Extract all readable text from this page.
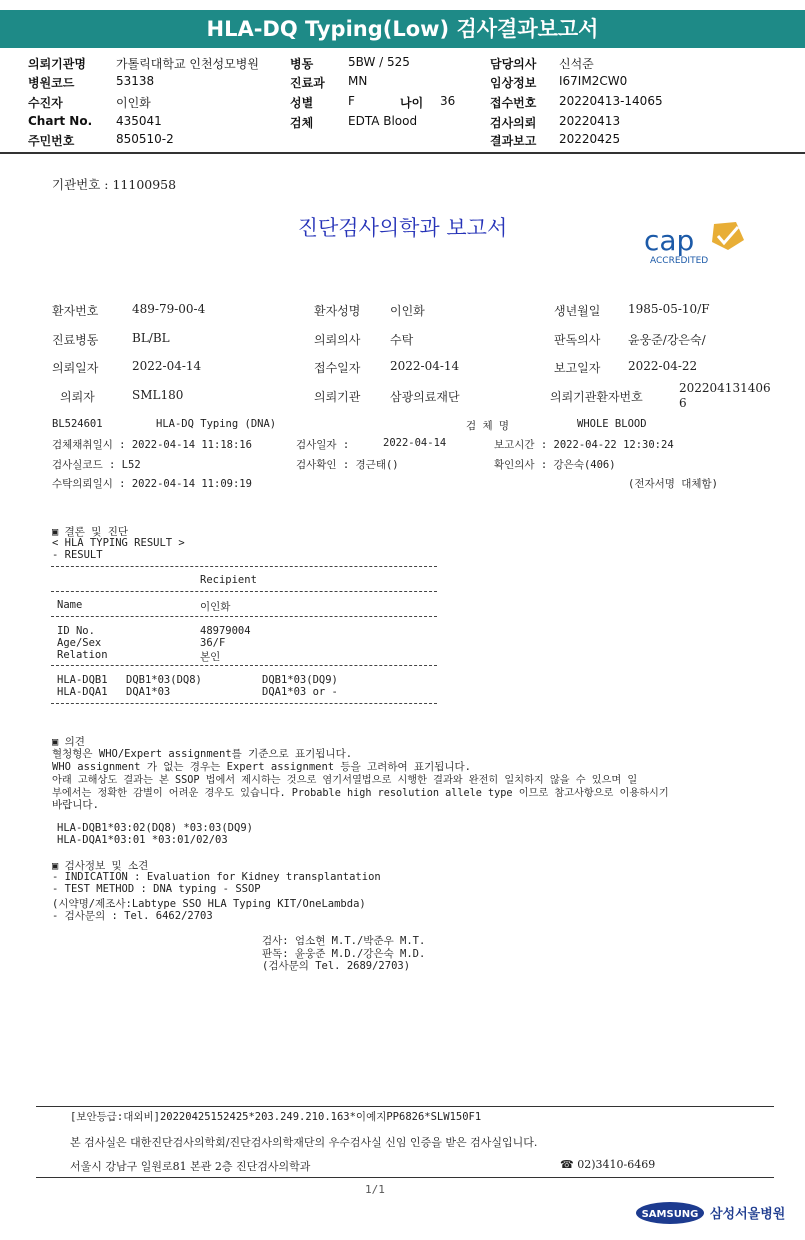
HLA-DQ Typing(Low) 검사결과보고서
의뢰기관명	가톨릭대학교 인천성모병원
병원코드	53138
수진자	이인화
Chart No. 435041
주민번호	850510-2
병동	5BW / 525
진료과 MN
성별	F	나이 36
검체	EDTA Blood
담당의사 신석준
임상정보 I67IM2CW0
접수번호 20220413-14065
검사의뢰 20220413
결과보고 20220425
기관번호 : 11100958
진단검사의학과 보고서	cap
ACCREDITED
환자번호	489-79-00-4	환자성명 이인화	생년월일 1985-05-10/F
진료병동	BL/BL	의뢰의사 수탁	판독의사 윤웅준/강은숙/
의뢰일자	2022-04-14	접수일자 2022-04-14	보고일자 2022-04-22
의뢰자	SML180	의뢰기관 삼광의료재단	의뢰기관환자번호
202204131406
6
BL524601	HLA-DQ Typing (DNA)	검 체 명	WHOLE BLOOD
검체채취일시 : 2022-04-14 11:18:16	검사일자 :	2022-04-14	보고시간 : 2022-04-22 12:30:24
검사실코드 : L52	검사확인 : 경근태()	확인의사 : 강은숙(406)
수탁의뢰일시 : 2022-04-14 11:09:19	(전자서명 대체함)
▣ 결론 및 진단
< HLA TYPING RESULT >
- RESULT
Recipient
Name	이인화
ID No.	48979004
Age/Sex	36/F
Relation	본인
HLA-DQB1 DQB1*03(DQ8)	DQB1*03(DQ9)
HLA-DQA1 DQA1*03	DQA1*03 or -
▣ 의견
혈청형은 WHO/Expert assignment를 기준으로 표기됩니다.
WHO assignment 가 없는 경우는 Expert assignment 등을 고려하여 표기됩니다.
아래 고해상도 결과는 본 SSOP 법에서 제시하는 것으로 염기서열법으로 시행한 결과와 완전히 일치하지 않을 수 있으며 일
부에서는 정확한 감별이 어려운 경우도 있습니다. Probable high resolution allele type 이므로 참고사항으로 이용하시기
바랍니다.
HLA-DQB1*03:02(DQ8) *03:03(DQ9)
HLA-DQA1*03:01 *03:01/02/03
▣ 검사정보 및 소견
- INDICATION : Evaluation for Kidney transplantation
- TEST METHOD : DNA typing - SSOP
(시약명/제조사:Labtype SSO HLA Typing KIT/OneLambda)
- 검사문의 : Tel. 6462/2703
검사: 엄소현 M.T./박준우 M.T.
판독: 윤웅준 M.D./강은숙 M.D.
(검사문의 Tel. 2689/2703)
[보안등급:대외비]20220425152425*203.249.210.163*이예지PP6826*SLW150F1
본 검사실은 대한진단검사의학회/진단검사의학재단의 우수검사실 신임 인증을 받은 검사실입니다.
서울시 강남구 일원로81 본관 2층 진단검사의학과	☎ 02)3410-6469
1/1
SAMSUNG 삼성서울병원
